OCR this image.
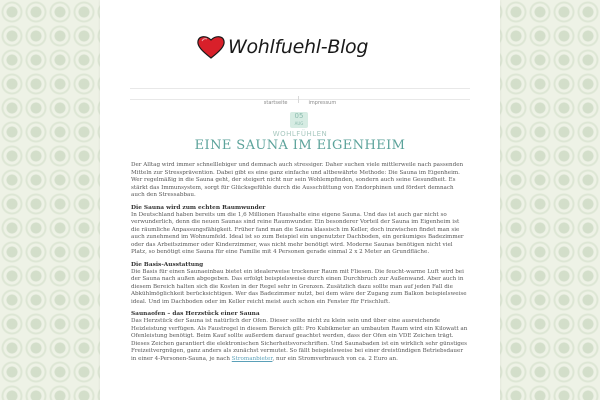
Wohlfuehl-Blog
startseite	impressum
05
AUG
WOHLFÜHLEN
EINE SAUNA IM EIGENHEIM

Der Alltag wird immer schnelllebiger und demnach auch stressiger. Daher suchen viele mittlerweile nach passenden Mitteln zur Stressprävention. Dabei gibt es eine ganz einfache und altbewährte Methode: Die Sauna im Eigenheim. Wer regelmäßig in die Sauna geht, der steigert nicht nur sein Wohlempfinden, sondern auch seine Gesundheit. Es stärkt das Immunsystem, sorgt für Glücksgefühle durch die Ausschüttung von Endorphinen und fördert demnach auch den Stressabbau.

Die Sauna wird zum echten Raumwunder

In Deutschland haben bereits um die 1,6 Millionen Haushalte eine eigene Sauna. Und das ist auch gar nicht so verwunderlich, denn die neuen Saunas sind reine Raumwunder. Ein besonderer Vorteil der Sauna im Eigenheim ist die räumliche Anpassungsfähigkeit. Früher fand man die Sauna klassisch im Keller, doch inzwischen findet man sie auch zunehmend im Wohnumfeld. Ideal ist so zum Beispiel ein ungenutzter Dachboden, ein geräumiges Badezimmer oder das Arbeitszimmer oder Kinderzimmer, was nicht mehr benötigt wird. Moderne Saunas benötigen nicht viel Platz, so benötigt eine Sauna für eine Familie mit 4 Personen gerade einmal 2 x 2 Meter an Grundfläche.

Die Basis-Ausstattung

Die Basis für einen Saunaeinbau bietet ein idealerweise trockener Raum mit Fliesen. Die feucht-warme Luft wird bei der Sauna nach außen abgegeben. Das erfolgt beispielsweise durch einen Durchbruch zur Außenwand. Aber auch in diesem Bereich halten sich die Kosten in der Regel sehr in Grenzen. Zusätzlich dazu sollte man auf jeden Fall die Abkühlmöglichkeit berücksichtigen. Wer das Badezimmer nutzt, bei dem wäre der Zugang zum Balkon beispielsweise ideal. Und im Dachboden oder im Keller reicht meist auch schon ein Fenster für Frischluft.

Saunaofen – das Herzstück einer Sauna

Das Herzstück der Sauna ist natürlich der Ofen. Dieser sollte nicht zu klein sein und über eine ausreichende Heizleistung verfügen. Als Faustregel in diesem Bereich gilt: Pro Kubikmeter an umbauten Raum wird ein Kilowatt an Ofenleistung benötigt. Beim Kauf sollte außerdem darauf geachtet werden, dass der Ofen ein VDE Zeichen trägt. Dieses Zeichen garantiert die elektronischen Sicherheitsvorschriften. Und Saunabaden ist ein wirklich sehr günstiges Freizeitvergnügen, ganz anders als zunächst vermutet. So fällt beispielsweise bei einer dreistündigen Betriebsdauer in einer 4-Personen-Sauna, je nach Stromanbieter, nur ein Stromverbrauch von ca. 2 Euro an.
